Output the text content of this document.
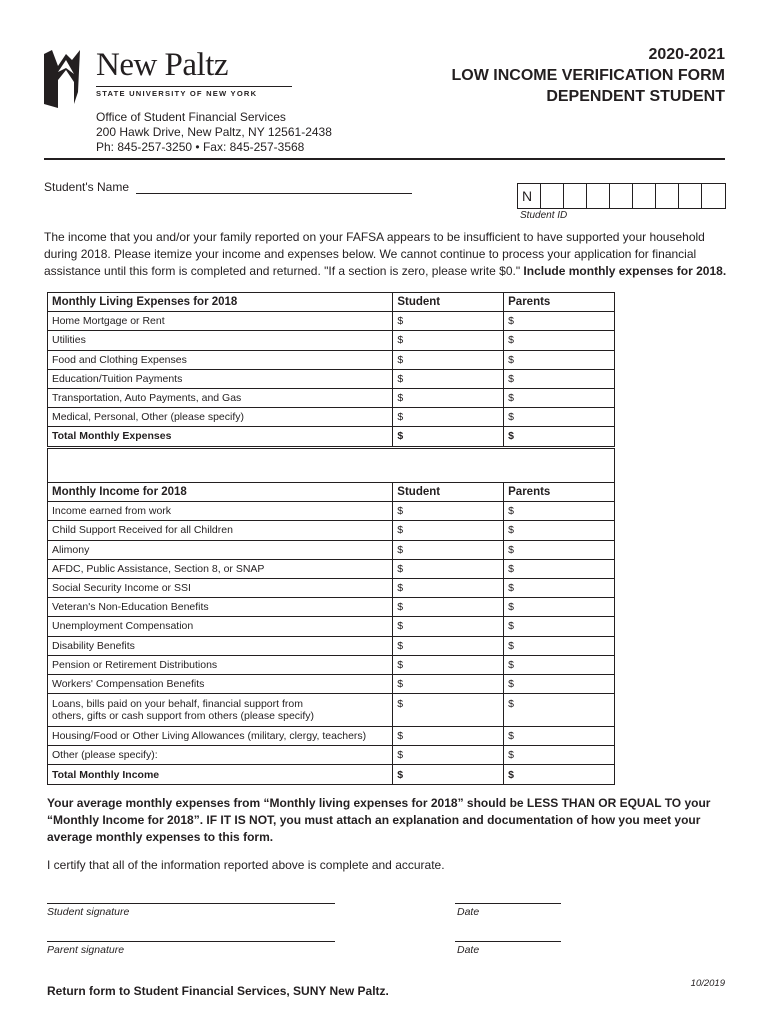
New Paltz
STATE UNIVERSITY OF NEW YORK
2020-2021
LOW INCOME VERIFICATION FORM
DEPENDENT STUDENT
Office of Student Financial Services
200 Hawk Drive, New Paltz, NY 12561-2438
Ph: 845-257-3250 • Fax: 845-257-3568
Student's Name
N
Student ID
The income that you and/or your family reported on your FAFSA appears to be insufficient to have supported your household during 2018. Please itemize your income and expenses below. We cannot continue to process your application for financial assistance until this form is completed and returned. "If a section is zero, please write $0." Include monthly expenses for 2018.
Monthly Living Expenses for 2018	Student	Parents
Home Mortgage or Rent	$	$
Utilities	$	$
Food and Clothing Expenses	$	$
Education/Tuition Payments	$	$
Transportation, Auto Payments, and Gas	$	$
Medical, Personal, Other (please specify)	$	$
Total Monthly Expenses	$	$
Monthly Income for 2018	Student	Parents
Income earned from work	$	$
Child Support Received for all Children	$	$
Alimony	$	$
AFDC, Public Assistance, Section 8, or SNAP	$	$
Social Security Income or SSI	$	$
Veteran's Non-Education Benefits	$	$
Unemployment Compensation	$	$
Disability Benefits	$	$
Pension or Retirement Distributions	$	$
Workers' Compensation Benefits	$	$

Loans, bills paid on your behalf, financial support from
others, gifts or cash support from others (please specify)	$	$
Housing/Food or Other Living Allowances (military, clergy, teachers)	$	$
Other (please specify):	$	$
Total Monthly Income	$	$
Your average monthly expenses from “Monthly living expenses for 2018” should be LESS THAN OR EQUAL TO your “Monthly Income for 2018”. IF IT IS NOT, you must attach an explanation and documentation of how you meet your average monthly expenses to this form.
I certify that all of the information reported above is complete and accurate.
Student signature	Date
Parent signature	Date
Return form to Student Financial Services, SUNY New Paltz.
10/2019
